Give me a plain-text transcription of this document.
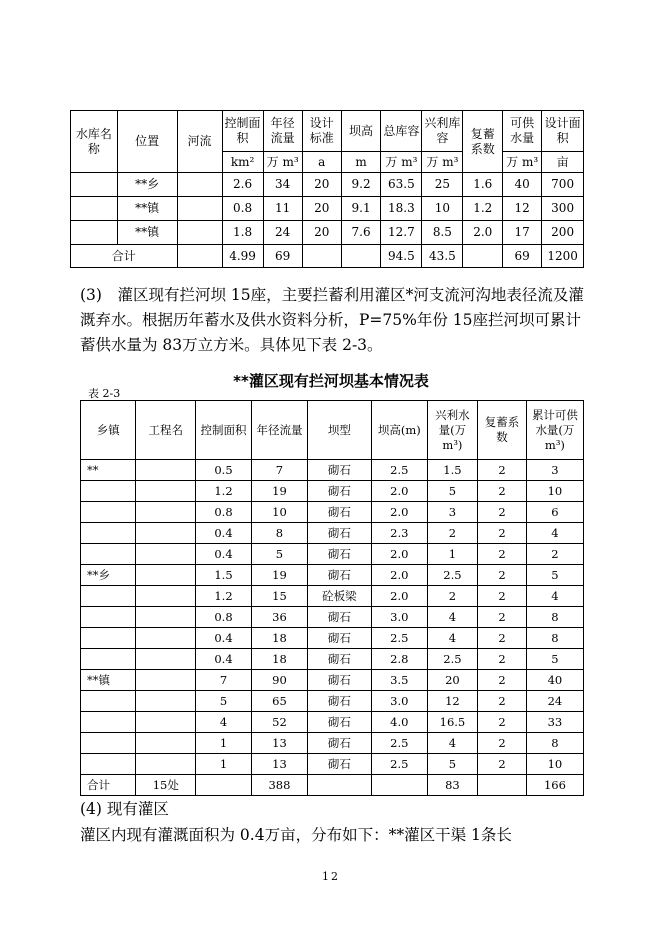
水库名称	位置	河流	控制面积	年径流量	设计标准	坝高	总库容	兴利库容	复蓄系数	可供水量	设计面积
			km²	万 m³	a	m	万 m³	万 m³		万 m³	亩
	**乡		2.6	34	20	9.2	63.5	25	1.6	40	700
	**镇		0.8	11	20	9.1	18.3	10	1.2	12	300
	**镇		1.8	24	20	7.6	12.7	8.5	2.0	17	200
合计			4.99	69			94.5	43.5		69	1200

(3)　灌区现有拦河坝 15座，主要拦蓄利用灌区*河支流河沟地表径流及灌溉弃水。根据历年蓄水及供水资料分析，P=75%年份 15座拦河坝可累计蓄供水量为 83万立方米。具体见下表 2-3。

**灌区现有拦河坝基本情况表

表 2-3
乡镇	工程名	控制面积	年径流量	坝型	坝高(m)	兴利水量(万m³)	复蓄系数	累计可供水量(万m³)
**		0.5	7	砌石	2.5	1.5	2	3
		1.2	19	砌石	2.0	5	2	10
		0.8	10	砌石	2.0	3	2	6
		0.4	8	砌石	2.3	2	2	4
		0.4	5	砌石	2.0	1	2	2
**乡		1.5	19	砌石	2.0	2.5	2	5
		1.2	15	砼板梁	2.0	2	2	4
		0.8	36	砌石	3.0	4	2	8
		0.4	18	砌石	2.5	4	2	8
		0.4	18	砌石	2.8	2.5	2	5
**镇		7	90	砌石	3.5	20	2	40
		5	65	砌石	3.0	12	2	24
		4	52	砌石	4.0	16.5	2	33
		1	13	砌石	2.5	4	2	8
		1	13	砌石	2.5	5	2	10
合计	15处		388			83		166

(4) 现有灌区

灌区内现有灌溉面积为 0.4万亩，分布如下：**灌区干渠 1条长

12
